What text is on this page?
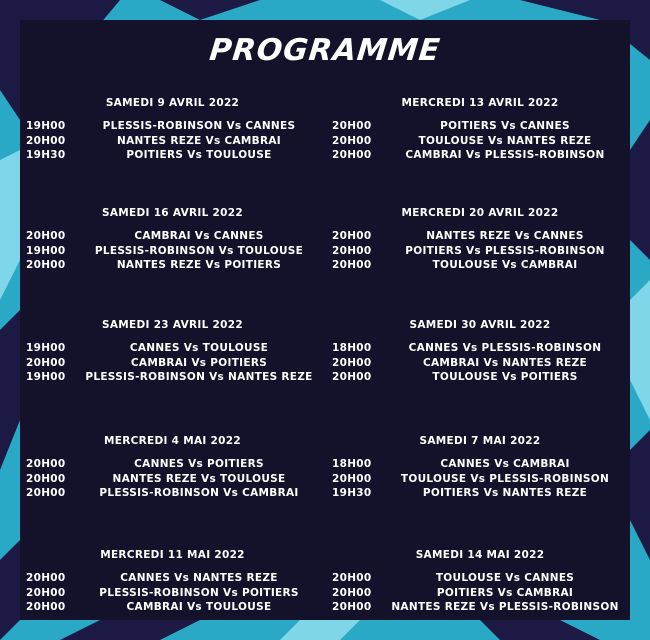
PROGRAMME
SAMEDI 9 AVRIL 2022
19H00	PLESSIS-ROBINSON Vs CANNES
20H00	NANTES REZE Vs CAMBRAI
19H30	POITIERS Vs TOULOUSE
MERCREDI 13 AVRIL 2022
20H00	POITIERS Vs CANNES
20H00	TOULOUSE Vs NANTES REZE
20H00	CAMBRAI Vs PLESSIS-ROBINSON
SAMEDI 16 AVRIL 2022
20H00	CAMBRAI Vs CANNES
19H00	PLESSIS-ROBINSON Vs TOULOUSE
20H00	NANTES REZE Vs POITIERS
MERCREDI 20 AVRIL 2022
20H00	NANTES REZE Vs CANNES
20H00	POITIERS Vs PLESSIS-ROBINSON
20H00	TOULOUSE Vs CAMBRAI
SAMEDI 23 AVRIL 2022
19H00	CANNES Vs TOULOUSE
20H00	CAMBRAI Vs POITIERS
19H00	PLESSIS-ROBINSON Vs NANTES REZE
SAMEDI 30 AVRIL 2022
18H00	CANNES Vs PLESSIS-ROBINSON
20H00	CAMBRAI Vs NANTES REZE
20H00	TOULOUSE Vs POITIERS
MERCREDI 4 MAI 2022
20H00	CANNES Vs POITIERS
20H00	NANTES REZE Vs TOULOUSE
20H00	PLESSIS-ROBINSON Vs CAMBRAI
SAMEDI 7 MAI 2022
18H00	CANNES Vs CAMBRAI
20H00	TOULOUSE Vs PLESSIS-ROBINSON
19H30	POITIERS Vs NANTES REZE
MERCREDI 11 MAI 2022
20H00	CANNES Vs NANTES REZE
20H00	PLESSIS-ROBINSON Vs POITIERS
20H00	CAMBRAI Vs TOULOUSE
SAMEDI 14 MAI 2022
20H00	TOULOUSE Vs CANNES
20H00	POITIERS Vs CAMBRAI
20H00	NANTES REZE Vs PLESSIS-ROBINSON
